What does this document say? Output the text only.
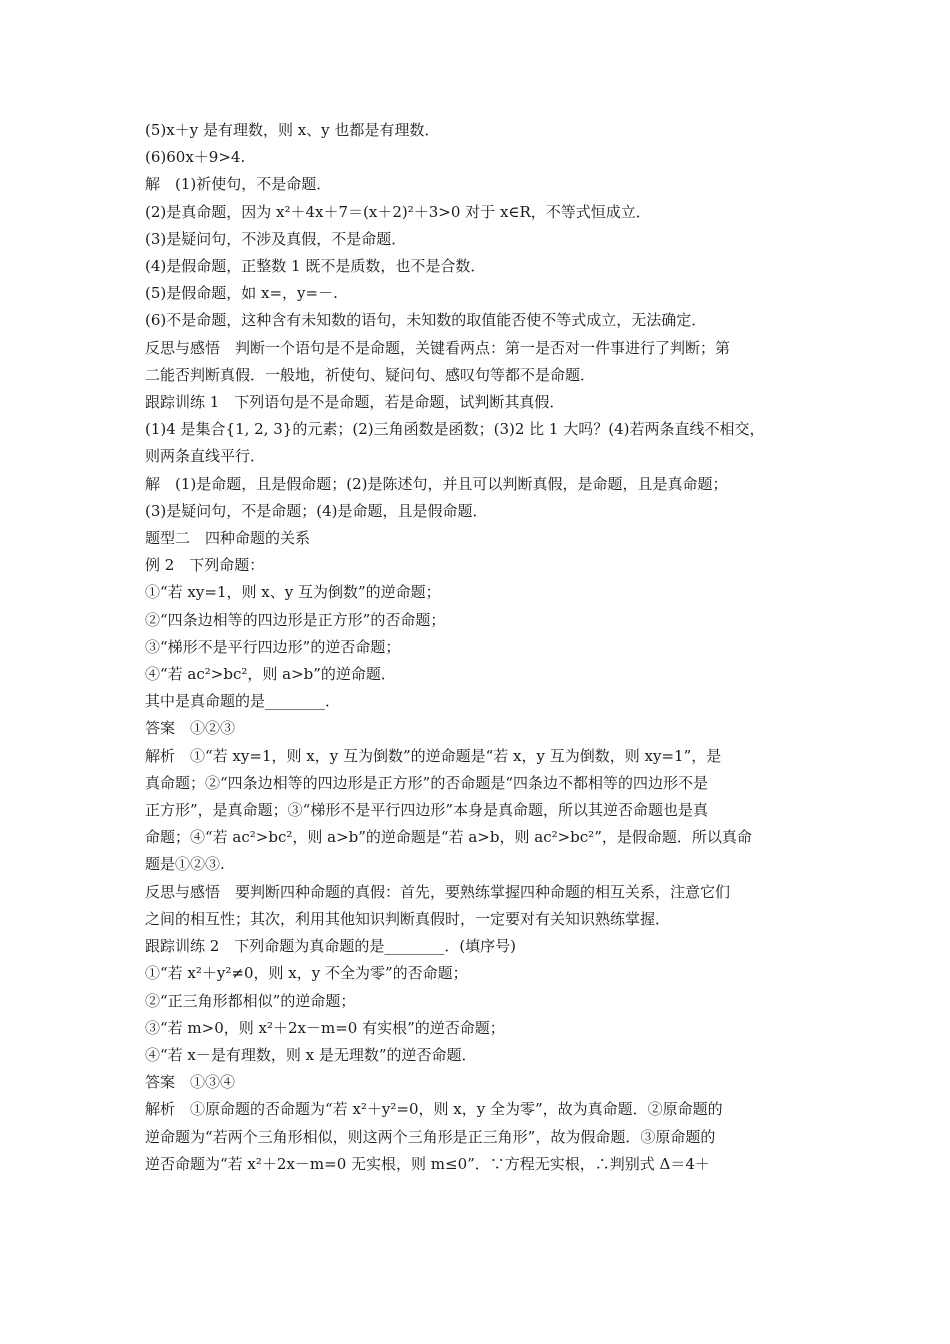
(5)x＋y 是有理数，则 x、y 也都是有理数．
(6)60x＋9>4.
解　(1)祈使句，不是命题．
(2)是真命题，因为 x²＋4x＋7＝(x＋2)²＋3>0 对于 x∈R，不等式恒成立．
(3)是疑问句，不涉及真假，不是命题．
(4)是假命题，正整数 1 既不是质数，也不是合数．
(5)是假命题，如 x=，y=－.
(6)不是命题，这种含有未知数的语句，未知数的取值能否使不等式成立，无法确定．
反思与感悟　判断一个语句是不是命题，关键看两点：第一是否对一件事进行了判断；第
二能否判断真假．一般地，祈使句、疑问句、感叹句等都不是命题．
跟踪训练 1　下列语句是不是命题，若是命题，试判断其真假．
(1)4 是集合{1, 2, 3}的元素；(2)三角函数是函数；(3)2 比 1 大吗？(4)若两条直线不相交，
则两条直线平行．
解　(1)是命题，且是假命题；(2)是陈述句，并且可以判断真假，是命题，且是真命题；
(3)是疑问句，不是命题；(4)是命题，且是假命题．
题型二　四种命题的关系
例 2　下列命题：
①“若 xy=1，则 x、y 互为倒数”的逆命题；
②“四条边相等的四边形是正方形”的否命题；
③“梯形不是平行四边形”的逆否命题；
④“若 ac²>bc²，则 a>b”的逆命题．
其中是真命题的是________．
答案　①②③
解析　①“若 xy=1，则 x，y 互为倒数”的逆命题是“若 x，y 互为倒数，则 xy=1”，是
真命题；②“四条边相等的四边形是正方形”的否命题是“四条边不都相等的四边形不是
正方形”，是真命题；③“梯形不是平行四边形”本身是真命题，所以其逆否命题也是真
命题；④“若 ac²>bc²，则 a>b”的逆命题是“若 a>b，则 ac²>bc²”，是假命题．所以真命
题是①②③.
反思与感悟　要判断四种命题的真假：首先，要熟练掌握四种命题的相互关系，注意它们
之间的相互性；其次，利用其他知识判断真假时，一定要对有关知识熟练掌握．
跟踪训练 2　下列命题为真命题的是________．(填序号)
①“若 x²＋y²≠0，则 x，y 不全为零”的否命题；
②“正三角形都相似”的逆命题；
③“若 m>0，则 x²＋2x－m=0 有实根”的逆否命题；
④“若 x－是有理数，则 x 是无理数”的逆否命题．
答案　①③④
解析　①原命题的否命题为“若 x²＋y²=0，则 x，y 全为零”，故为真命题．②原命题的
逆命题为“若两个三角形相似，则这两个三角形是正三角形”，故为假命题．③原命题的
逆否命题为“若 x²＋2x－m=0 无实根，则 m≤0”．∵方程无实根，∴判别式 Δ＝4＋
